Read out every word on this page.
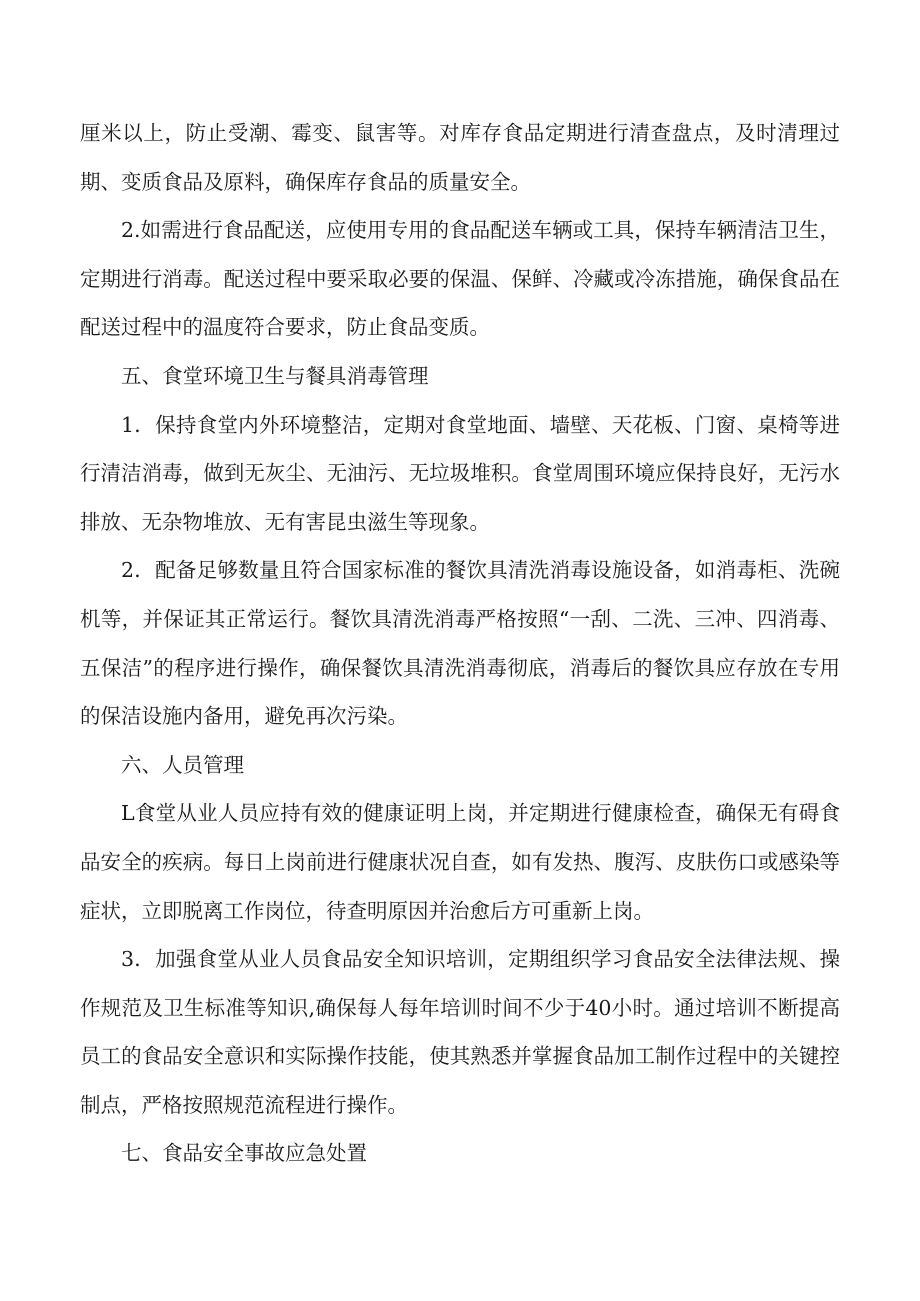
厘米以上，防止受潮、霉变、鼠害等。对库存食品定期进行清查盘点，及时清理过期、变质食品及原料，确保库存食品的质量安全。

2.如需进行食品配送，应使用专用的食品配送车辆或工具，保持车辆清洁卫生，定期进行消毒。配送过程中要采取必要的保温、保鲜、冷藏或冷冻措施，确保食品在配送过程中的温度符合要求，防止食品变质。

五、食堂环境卫生与餐具消毒管理

1．保持食堂内外环境整洁，定期对食堂地面、墙壁、天花板、门窗、桌椅等进行清洁消毒，做到无灰尘、无油污、无垃圾堆积。食堂周围环境应保持良好，无污水排放、无杂物堆放、无有害昆虫滋生等现象。

2．配备足够数量且符合国家标准的餐饮具清洗消毒设施设备，如消毒柜、洗碗机等，并保证其正常运行。餐饮具清洗消毒严格按照“一刮、二洗、三冲、四消毒、五保洁”的程序进行操作，确保餐饮具清洗消毒彻底，消毒后的餐饮具应存放在专用的保洁设施内备用，避免再次污染。

六、人员管理

L食堂从业人员应持有效的健康证明上岗，并定期进行健康检查，确保无有碍食品安全的疾病。每日上岗前进行健康状况自查，如有发热、腹泻、皮肤伤口或感染等症状，立即脱离工作岗位，待查明原因并治愈后方可重新上岗。

3．加强食堂从业人员食品安全知识培训，定期组织学习食品安全法律法规、操作规范及卫生标准等知识,确保每人每年培训时间不少于40小时。通过培训不断提高员工的食品安全意识和实际操作技能，使其熟悉并掌握食品加工制作过程中的关键控制点，严格按照规范流程进行操作。

七、食品安全事故应急处置
